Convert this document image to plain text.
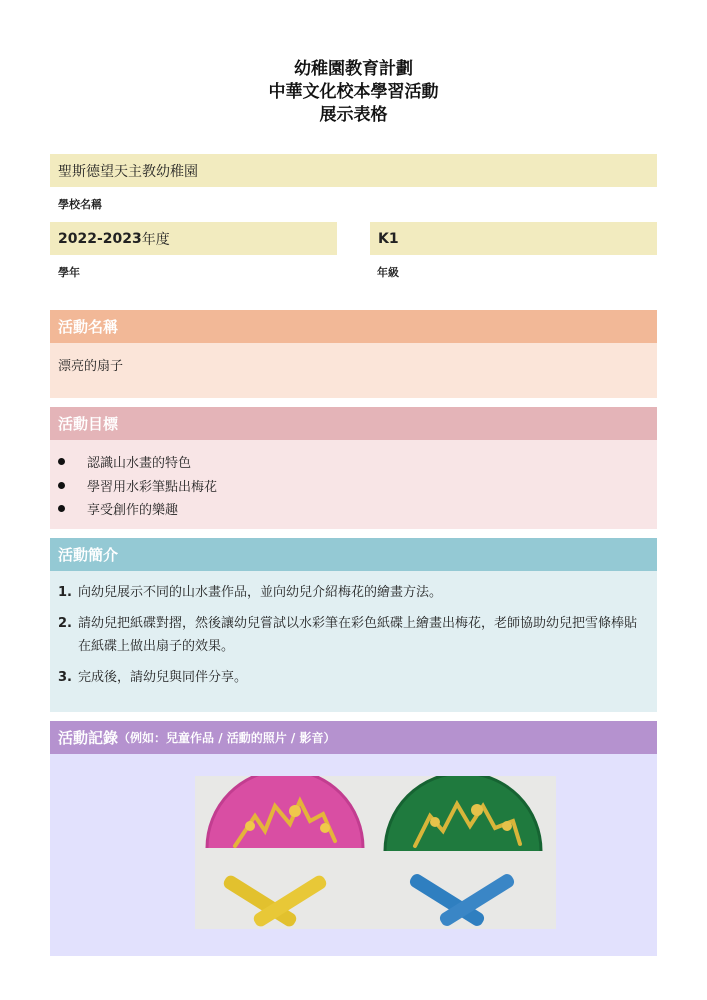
幼稚園教育計劃
中華文化校本學習活動
展示表格
聖斯德望天主教幼稚園
學校名稱
2022-2023 年度
學年
K1
年級
活動名稱
漂亮的扇子
活動目標
認識山水畫的特色
學習用水彩筆點出梅花
享受創作的樂趣
活動簡介
1. 向幼兒展示不同的山水畫作品，並向幼兒介紹梅花的繪畫方法。
2. 請幼兒把紙碟對摺，然後讓幼兒嘗試以水彩筆在彩色紙碟上繪畫出梅花，老師協助幼兒把雪條棒貼在紙碟上做出扇子的效果。
3. 完成後，請幼兒與同伴分享。
活動記錄 （例如：兒童作品 / 活動的照片 / 影音）
